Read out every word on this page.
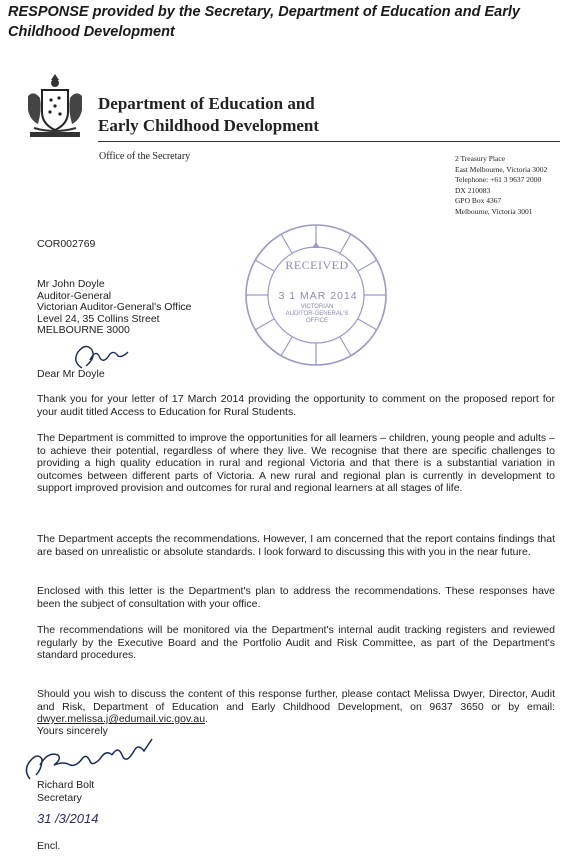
RESPONSE provided by the Secretary, Department of Education and Early Childhood Development
Department of Education and
Early Childhood Development
Office of the Secretary	2 Treasury Place
East Melbourne, Victoria 3002
Telephone: +61 3 9637 2000
DX 210083
GPO Box 4367
Melbourne, Victoria 3001
RECEIVED
3 1 MAR 2014
VICTORIAN
AUDITOR-GENERAL'S
OFFICE
COR002769
Mr John Doyle
Auditor-General
Victorian Auditor-General's Office
Level 24, 35 Collins Street
MELBOURNE 3000
Dear Mr Doyle
Thank you for your letter of 17 March 2014 providing the opportunity to comment on the proposed report for your audit titled Access to Education for Rural Students.
The Department is committed to improve the opportunities for all learners – children, young people and adults – to achieve their potential, regardless of where they live. We recognise that there are specific challenges to providing a high quality education in rural and regional Victoria and that there is a substantial variation in outcomes between different parts of Victoria. A new rural and regional plan is currently in development to support improved provision and outcomes for rural and regional learners at all stages of life.
The Department accepts the recommendations. However, I am concerned that the report contains findings that are based on unrealistic or absolute standards. I look forward to discussing this with you in the near future.
Enclosed with this letter is the Department's plan to address the recommendations. These responses have been the subject of consultation with your office.
The recommendations will be monitored via the Department's internal audit tracking registers and reviewed regularly by the Executive Board and the Portfolio Audit and Risk Committee, as part of the Department's standard procedures.
Should you wish to discuss the content of this response further, please contact Melissa Dwyer, Director, Audit and Risk, Department of Education and Early Childhood Development, on 9637 3650 or by email: dwyer.melissa.j@edumail.vic.gov.au.
Yours sincerely
Richard Bolt
Secretary
31 /3/2014
Encl.
